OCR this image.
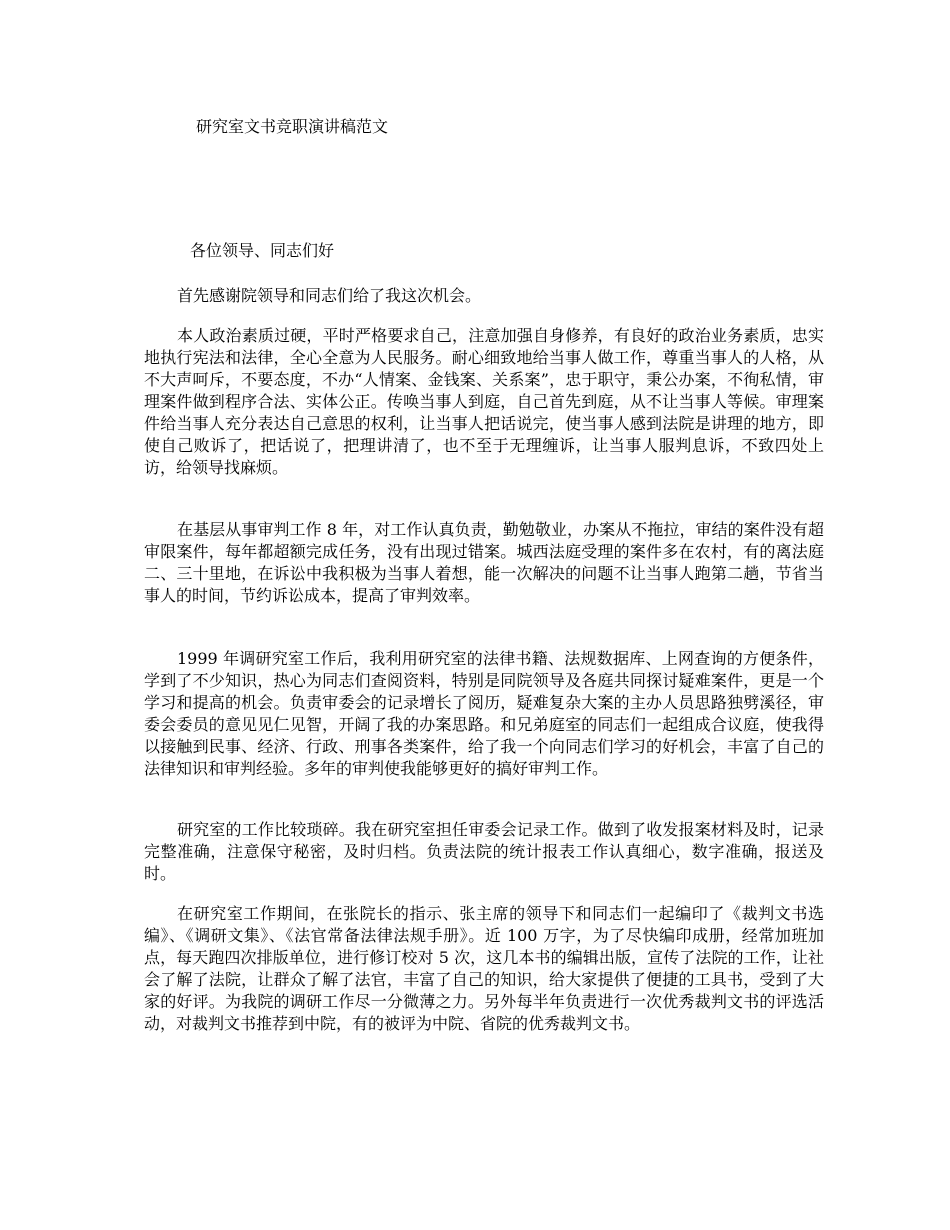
研究室文书竞职演讲稿范文
各位领导、同志们好

首先感谢院领导和同志们给了我这次机会。

本人政治素质过硬，平时严格要求自己，注意加强自身修养，有良好的政治业务素质，忠实地执行宪法和法律，全心全意为人民服务。耐心细致地给当事人做工作，尊重当事人的人格，从不大声呵斥，不要态度，不办“人情案、金钱案、关系案”，忠于职守，秉公办案，不徇私情，审理案件做到程序合法、实体公正。传唤当事人到庭，自己首先到庭，从不让当事人等候。审理案件给当事人充分表达自己意思的权利，让当事人把话说完，使当事人感到法院是讲理的地方，即使自己败诉了，把话说了，把理讲清了，也不至于无理缠诉，让当事人服判息诉，不致四处上访，给领导找麻烦。

在基层从事审判工作 8 年，对工作认真负责，勤勉敬业，办案从不拖拉，审结的案件没有超审限案件，每年都超额完成任务，没有出现过错案。城西法庭受理的案件多在农村，有的离法庭二、三十里地，在诉讼中我积极为当事人着想，能一次解决的问题不让当事人跑第二趟，节省当事人的时间，节约诉讼成本，提高了审判效率。

1999 年调研究室工作后，我利用研究室的法律书籍、法规数据库、上网查询的方便条件，学到了不少知识，热心为同志们查阅资料，特别是同院领导及各庭共同探讨疑难案件，更是一个学习和提高的机会。负责审委会的记录增长了阅历，疑难复杂大案的主办人员思路独劈溪径，审委会委员的意见见仁见智，开阔了我的办案思路。和兄弟庭室的同志们一起组成合议庭，使我得以接触到民事、经济、行政、刑事各类案件，给了我一个向同志们学习的好机会，丰富了自己的法律知识和审判经验。多年的审判使我能够更好的搞好审判工作。

研究室的工作比较琐碎。我在研究室担任审委会记录工作。做到了收发报案材料及时，记录完整准确，注意保守秘密，及时归档。负责法院的统计报表工作认真细心，数字准确，报送及时。

在研究室工作期间，在张院长的指示、张主席的领导下和同志们一起编印了《裁判文书选编》、《调研文集》、《法官常备法律法规手册》。近 100 万字，为了尽快编印成册，经常加班加点，每天跑四次排版单位，进行修订校对 5 次，这几本书的编辑出版，宣传了法院的工作，让社会了解了法院，让群众了解了法官，丰富了自己的知识，给大家提供了便捷的工具书，受到了大家的好评。为我院的调研工作尽一分微薄之力。另外每半年负责进行一次优秀裁判文书的评选活动，对裁判文书推荐到中院，有的被评为中院、省院的优秀裁判文书。
